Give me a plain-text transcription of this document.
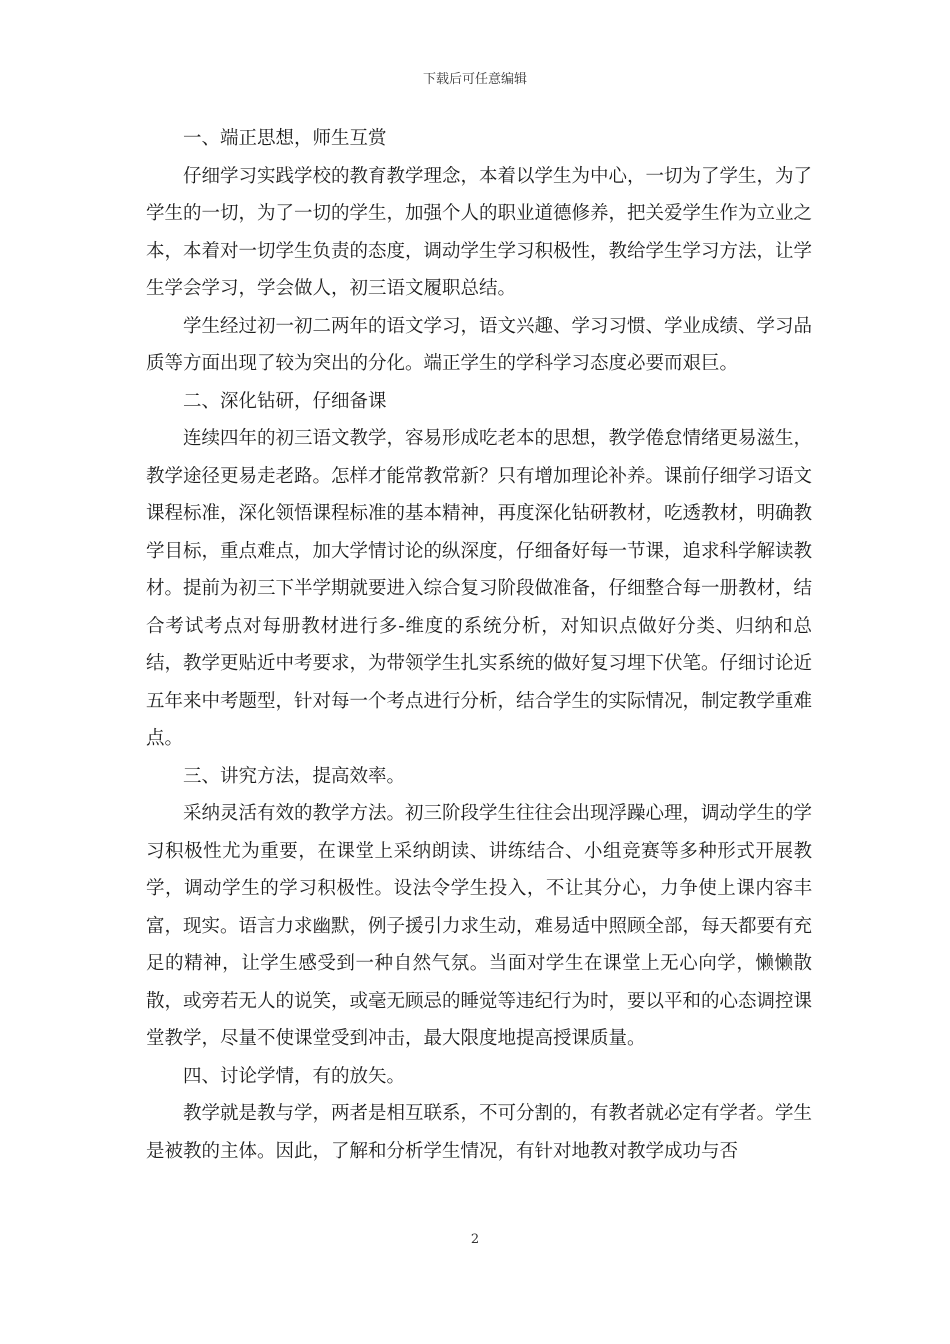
下载后可任意编辑

一、端正思想，师生互赏

仔细学习实践学校的教育教学理念，本着以学生为中心，一切为了学生，为了学生的一切，为了一切的学生，加强个人的职业道德修养，把关爱学生作为立业之本，本着对一切学生负责的态度，调动学生学习积极性，教给学生学习方法，让学生学会学习，学会做人，初三语文履职总结。

学生经过初一初二两年的语文学习，语文兴趣、学习习惯、学业成绩、学习品质等方面出现了较为突出的分化。端正学生的学科学习态度必要而艰巨。

二、深化钻研，仔细备课

连续四年的初三语文教学，容易形成吃老本的思想，教学倦怠情绪更易滋生，教学途径更易走老路。怎样才能常教常新？只有增加理论补养。课前仔细学习语文课程标准，深化领悟课程标准的基本精神，再度深化钻研教材，吃透教材，明确教学目标，重点难点，加大学情讨论的纵深度，仔细备好每一节课，追求科学解读教材。提前为初三下半学期就要进入综合复习阶段做准备，仔细整合每一册教材，结合考试考点对每册教材进行多-维度的系统分析，对知识点做好分类、归纳和总结，教学更贴近中考要求，为带领学生扎实系统的做好复习埋下伏笔。仔细讨论近五年来中考题型，针对每一个考点进行分析，结合学生的实际情况，制定教学重难点。

三、讲究方法，提高效率。

采纳灵活有效的教学方法。初三阶段学生往往会出现浮躁心理，调动学生的学习积极性尤为重要，在课堂上采纳朗读、讲练结合、小组竞赛等多种形式开展教学，调动学生的学习积极性。设法令学生投入，不让其分心，力争使上课内容丰富，现实。语言力求幽默，例子援引力求生动，难易适中照顾全部，每天都要有充足的精神，让学生感受到一种自然气氛。当面对学生在课堂上无心向学，懒懒散散，或旁若无人的说笑，或毫无顾忌的睡觉等违纪行为时，要以平和的心态调控课堂教学，尽量不使课堂受到冲击，最大限度地提高授课质量。

四、讨论学情，有的放矢。

教学就是教与学，两者是相互联系，不可分割的，有教者就必定有学者。学生是被教的主体。因此，了解和分析学生情况，有针对地教对教学成功与否

2
